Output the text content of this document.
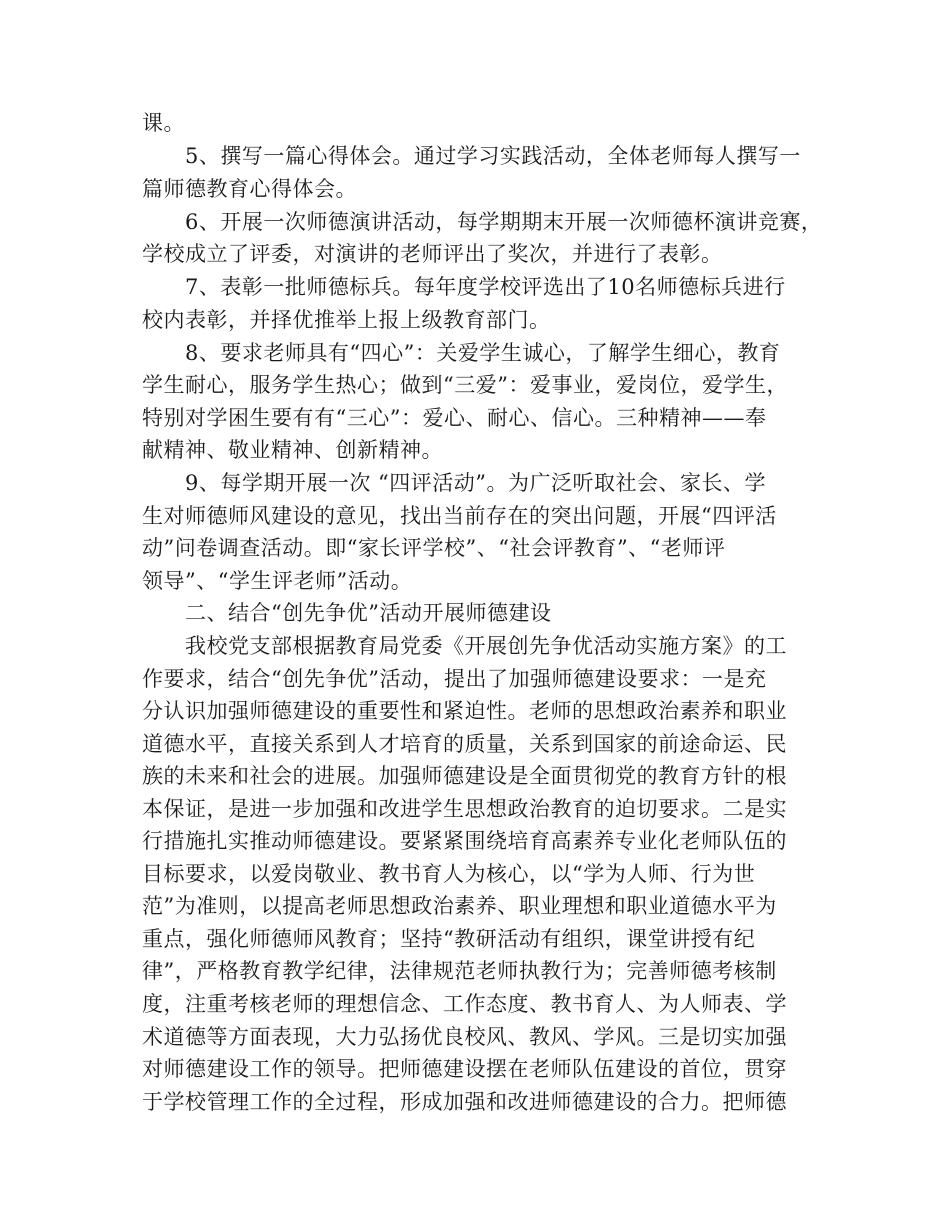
课。
5、撰写一篇心得体会。通过学习实践活动，全体老师每人撰写一
篇师德教育心得体会。
6、开展一次师德演讲活动，每学期期末开展一次师德杯演讲竞赛，
学校成立了评委，对演讲的老师评出了奖次，并进行了表彰。
7、表彰一批师德标兵。每年度学校评选出了10名师德标兵进行
校内表彰，并择优推举上报上级教育部门。
8、要求老师具有“四心”：关爱学生诚心，了解学生细心，教育
学生耐心，服务学生热心；做到“三爱”：爱事业，爱岗位，爱学生，
特别对学困生要有有“三心”：爱心、耐心、信心。三种精神——奉
献精神、敬业精神、创新精神。
9、每学期开展一次 “四评活动”。为广泛听取社会、家长、学
生对师德师风建设的意见，找出当前存在的突出问题，开展“四评活
动”问卷调查活动。即“家长评学校”、“社会评教育”、“老师评
领导”、“学生评老师”活动。
二、结合“创先争优”活动开展师德建设
我校党支部根据教育局党委《开展创先争优活动实施方案》的工
作要求，结合“创先争优”活动，提出了加强师德建设要求：一是充
分认识加强师德建设的重要性和紧迫性。老师的思想政治素养和职业
道德水平，直接关系到人才培育的质量，关系到国家的前途命运、民
族的未来和社会的进展。加强师德建设是全面贯彻党的教育方针的根
本保证，是进一步加强和改进学生思想政治教育的迫切要求。二是实
行措施扎实推动师德建设。要紧紧围绕培育高素养专业化老师队伍的
目标要求，以爱岗敬业、教书育人为核心，以“学为人师、行为世
范”为准则，以提高老师思想政治素养、职业理想和职业道德水平为
重点，强化师德师风教育；坚持“教研活动有组织，课堂讲授有纪
律”，严格教育教学纪律，法律规范老师执教行为；完善师德考核制
度，注重考核老师的理想信念、工作态度、教书育人、为人师表、学
术道德等方面表现，大力弘扬优良校风、教风、学风。三是切实加强
对师德建设工作的领导。把师德建设摆在老师队伍建设的首位，贯穿
于学校管理工作的全过程，形成加强和改进师德建设的合力。把师德
